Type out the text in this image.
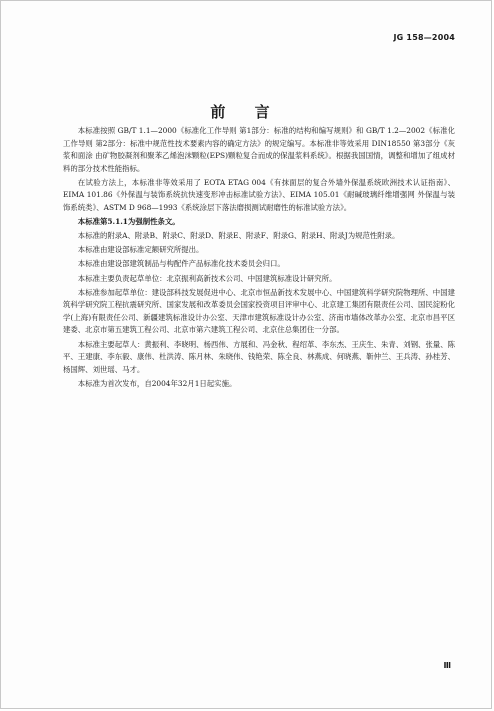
JG 158—2004
前 言

本标准按照 GB/T 1.1—2000《标准化工作导则 第1部分：标准的结构和编写规则》和 GB/T 1.2—2002《标准化工作导则 第2部分：标准中规范性技术要素内容的确定方法》的规定编写。本标准非等效采用 DIN18550 第3部分《灰浆和面涂 由矿物胶凝剂和聚苯乙烯泡沫颗粒(EPS)颗粒复合而成的保温浆料系统》。根据我国国情，调整和增加了组成材料的部分技术性能指标。

在试验方法上，本标准非等效采用了 EOTA ETAG 004《有抹面层的复合外墙外保温系统欧洲技术认证指南》、EIMA 101.86《外保温与装饰系统抗快速变形冲击标准试验方法》、EIMA 105.01《耐碱玻璃纤维增强网 外保温与装饰系统类》、ASTM D 968—1993《系统涂层下落法磨损测试耐磨性的标准试验方法》。

本标准第5.1.1为强制性条文。

本标准的附录A、附录B、附录C、附录D、附录E、附录F、附录G、附录H、附录J为规范性附录。

本标准由建设部标准定额研究所提出。

本标准由建设部建筑制品与构配件产品标准化技术委员会归口。

本标准主要负责起草单位：北京振利高新技术公司、中国建筑标准设计研究所。

本标准参加起草单位：建设部科技发展促进中心、北京市恒品新技术发展中心、中国建筑科学研究院物理所、中国建筑科学研究院工程抗震研究所、国家发展和改革委员会国家投资项目评审中心、北京建工集团有限责任公司、国民淀粉化学(上海)有限责任公司、新疆建筑标准设计办公室、天津市建筑标准设计办公室、济南市墙体改革办公室、北京市昌平区建委、北京市第五建筑工程公司、北京市第六建筑工程公司、北京住总集团住一分部。

本标准主要起草人：黄振利、李晓明、杨西伟、方展和、冯金秋、程绍革、李东杰、王庆生、朱青、刘钢、张量、陈平、王建康、李东毅、康伟、杜洪涛、陈月林、朱晓伟、钱艳荣、陈全良、林燕成、何晓燕、靳仲兰、王兵涛、孙桂芳、杨国辉、刘世瑶、马才。

本标准为首次发布，自2004年32月1日起实施。

Ⅲ
